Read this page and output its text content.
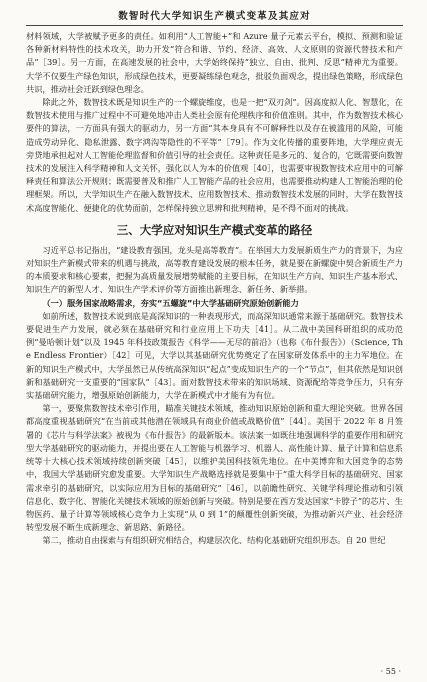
数智时代大学知识生产模式变革及其应对

材料领域，大学被赋予更多的责任。如利用“人工智能+”和 Azure 量子元素云平台，模拟、预测和验证各种新材料特性的技术攻关，助力开发“符合和谐、节约、经济、高效、人文原则的资源代替技术和产品”［39］。另一方面，在高速发展的社会中，大学始终保持“独立、自由、批判、反思”精神尤为重要。大学不仅要生产绿色知识，形成绿色技术，更要凝练绿色观念，批驳负面观念，提出绿色策略，形成绿色共识，推动社会迁跃到绿色理念。

除此之外，数智技术既是知识生产的一个螺旋维度，也是一把“双刃剑”。因高度拟人化、智慧化，在数智技术使用与推广过程中不可避免地冲击人类社会原有伦理秩序和价值准则。其中，作为数智技术核心要件的算法，一方面具有强大的驱动力，另一方面“其本身具有不可解释性以及存在被滥用的风险，可能造成劳动异化、隐私泄露、数字鸿沟等隐性的不平等”［79］。作为文化传播的重要阵地，大学理应责无旁贷地承担起对人工智能伦理监督和价值引导的社会责任。这种责任是多元的、复合的，它既需要向数智技术的发展注入科学精神和人文关怀，强化以人为本的价值观［40］，也需要审视数智技术应用中的可解释责任和算法公开规则；既需要普及和推广人工智能产品的社会应用，也需要推动构建人工智能治理的伦理框架。所以，大学知识生产在融入数智技术、应用数智技术、推动数智技术发展的同时，大学在数智技术高度智能化、便捷化的优势面前，怎样保持独立思辨和批判精神，是不得不面对的挑战。

三、大学应对知识生产模式变革的路径

习近平总书记指出，“建设教育强国，龙头是高等教育”。在举国大力发展新质生产力的背景下，为应对知识生产新模式带来的机遇与挑战，高等教育建设发展的根本任务，就是要在新螺旋中契合新质生产力的本质要求和核心要素，把握为高质量发展增势赋能的主要目标，在知识生产方向、知识生产基本形式、知识生产的新型人才、知识生产学术评价等方面推出新理念、新任务、新举措。

（一）服务国家战略需求，夯实“五螺旋”中大学基础研究原始创新能力

如前所述，数智技术说到底是高深知识的一种表现形式，而高深知识通常来源于基础研究。数智技术要促进生产力发展，就必须在基础研究和行业应用上下功夫［41］。从二战中美国科研组织的成功范例“曼哈顿计划”以及 1945 年科技政策报告《科学——无尽的前沿》（也称《布什报告》）（Science, The Endless Frontier）［42］可见，大学以其基础研究优势奠定了在国家研发体系中的主力军地位。在新的知识生产模式中，大学虽然已从传统高深知识“起点”变成知识生产的一个“节点”，但其依然是知识创新和基础研究一支重要的“国家队”［43］。面对数智技术带来的知识场域、资源配给等竞争压力，只有夯实基础研究能力，增强原始创新能力，大学在新模式中才能有为有位。

第一，要聚焦数智技术牵引作用，瞄准关键技术领域，推动知识原始创新和重大理论突破。世界各国都高度重视基础研究“在当前或其他潜在领域具有商业价值或战略价值”［44］。美国于 2022 年 8 月签署的《芯片与科学法案》被视为《布什报告》的最新版本。该法案一如既往地强调科学的重要作用和研究型大学基础研究的驱动能力，并提出要在人工智能与机器学习、机器人、高性能计算、量子计算和信息系统等十大核心技术领域持续创新突破［45］，以维护美国科技领先地位。在中美博弈和大国竞争的态势中，我国大学基础研究愈发重要。大学知识生产战略选择就是要集中于“重大科学目标的基础研究、国家需求牵引的基础研究，以实际应用为目标的基础研究”［46］，以前瞻性研究、关键学科理论推动和引领信息化、数字化、智能化关键技术领域的原始创新与突破。特别是要在西方发达国家“卡脖子”的芯片、生物医药、量子计算等领域核心竞争力上实现“从 0 到 1”的颠覆性创新突破，为推动新兴产业、社会经济转型发展不断生成新理念、新思路、新路径。

第二，推动自由探索与有组织研究相结合，构建层次化、结构化基础研究组织形态。自 20 世纪

· 55 ·
